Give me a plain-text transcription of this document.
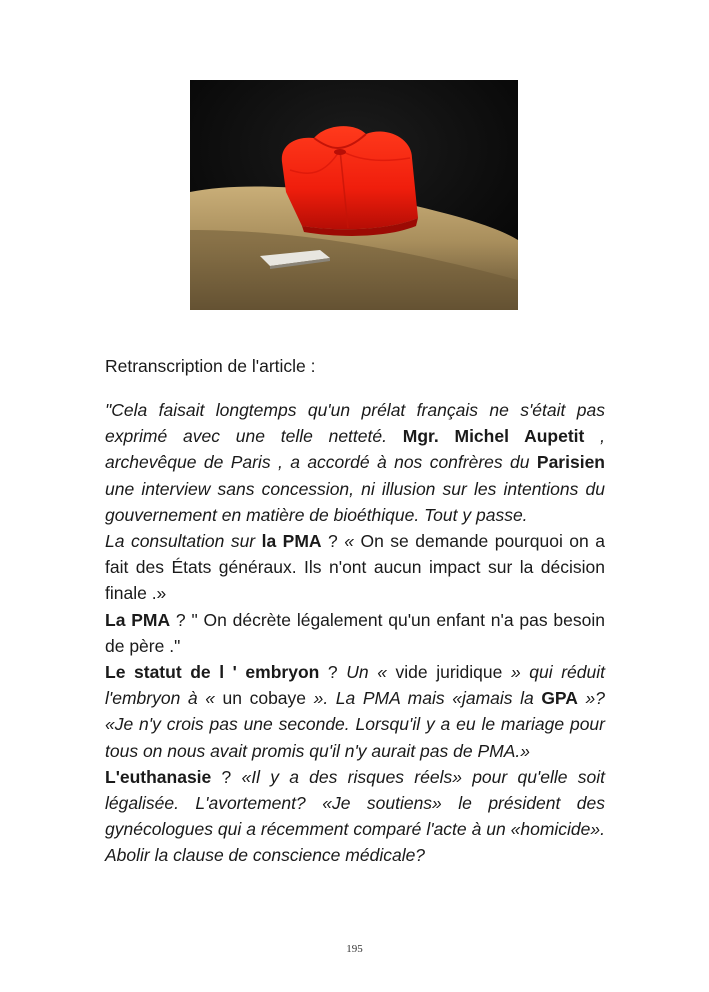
Retranscription de l'article :

"Cela faisait longtemps qu'un prélat français ne s'était pas exprimé avec une telle netteté. Mgr. Michel Aupetit , archevêque de Paris , a accordé à nos confrères du Parisien une interview sans concession, ni illusion sur les intentions du gouvernement en matière de bioéthique. Tout y passe.

La consultation sur la PMA ? « On se demande pourquoi on a fait des États généraux. Ils n'ont aucun impact sur la décision finale .»

La PMA ? " On décrète légalement qu'un enfant n'a pas besoin de père ."

Le statut de l ' embryon ? Un « vide juridique » qui réduit l'embryon à « un cobaye ». La PMA mais «jamais la GPA »? «Je n'y crois pas une seconde. Lorsqu'il y a eu le mariage pour tous on nous avait promis qu'il n'y aurait pas de PMA.»

L'euthanasie ? «Il y a des risques réels» pour qu'elle soit légalisée. L'avortement? «Je soutiens» le président des gynécologues qui a récemment comparé l'acte à un «homicide». Abolir la clause de conscience médicale?

195
